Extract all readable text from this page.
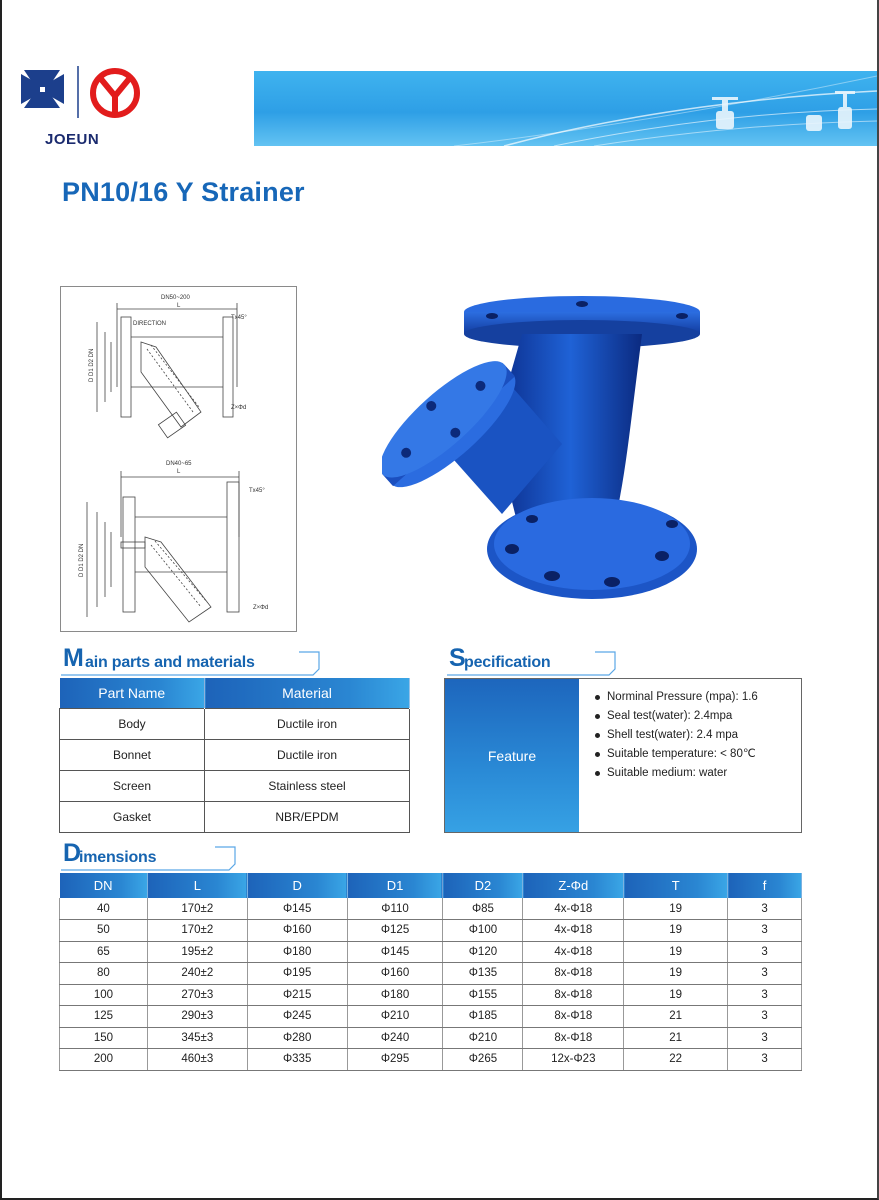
JOEUN
PN10/16 Y Strainer
DN50~200
L
DIRECTION
Tx45°
Z×Φd
DN40~65
L
Tx45°
Z×Φd
D D1 D2 DN
D D1 D2 DN
M ain parts and materials	S
pecification
Part Name	Material
Body	Ductile iron
Bonnet	Ductile iron
Screen	Stainless steel
Gasket	NBR/EPDM
Feature
Norminal Pressure (mpa): 1.6
Seal test(water): 2.4mpa
Shell test(water): 2.4 mpa
Suitable temperature: < 80℃
Suitable medium: water
D
imensions
DN	L	D	D1	D2	Z-Φd	T	f
40	170±2	Φ145	Φ110	Φ85	4x-Φ18	19	3
50	170±2	Φ160	Φ125	Φ100	4x-Φ18	19	3
65	195±2	Φ180	Φ145	Φ120	4x-Φ18	19	3
80	240±2	Φ195	Φ160	Φ135	8x-Φ18	19	3
100	270±3	Φ215	Φ180	Φ155	8x-Φ18	19	3
125	290±3	Φ245	Φ210	Φ185	8x-Φ18	21	3
150	345±3	Φ280	Φ240	Φ210	8x-Φ18	21	3
200	460±3	Φ335	Φ295	Φ265	12x-Φ23	22	3
